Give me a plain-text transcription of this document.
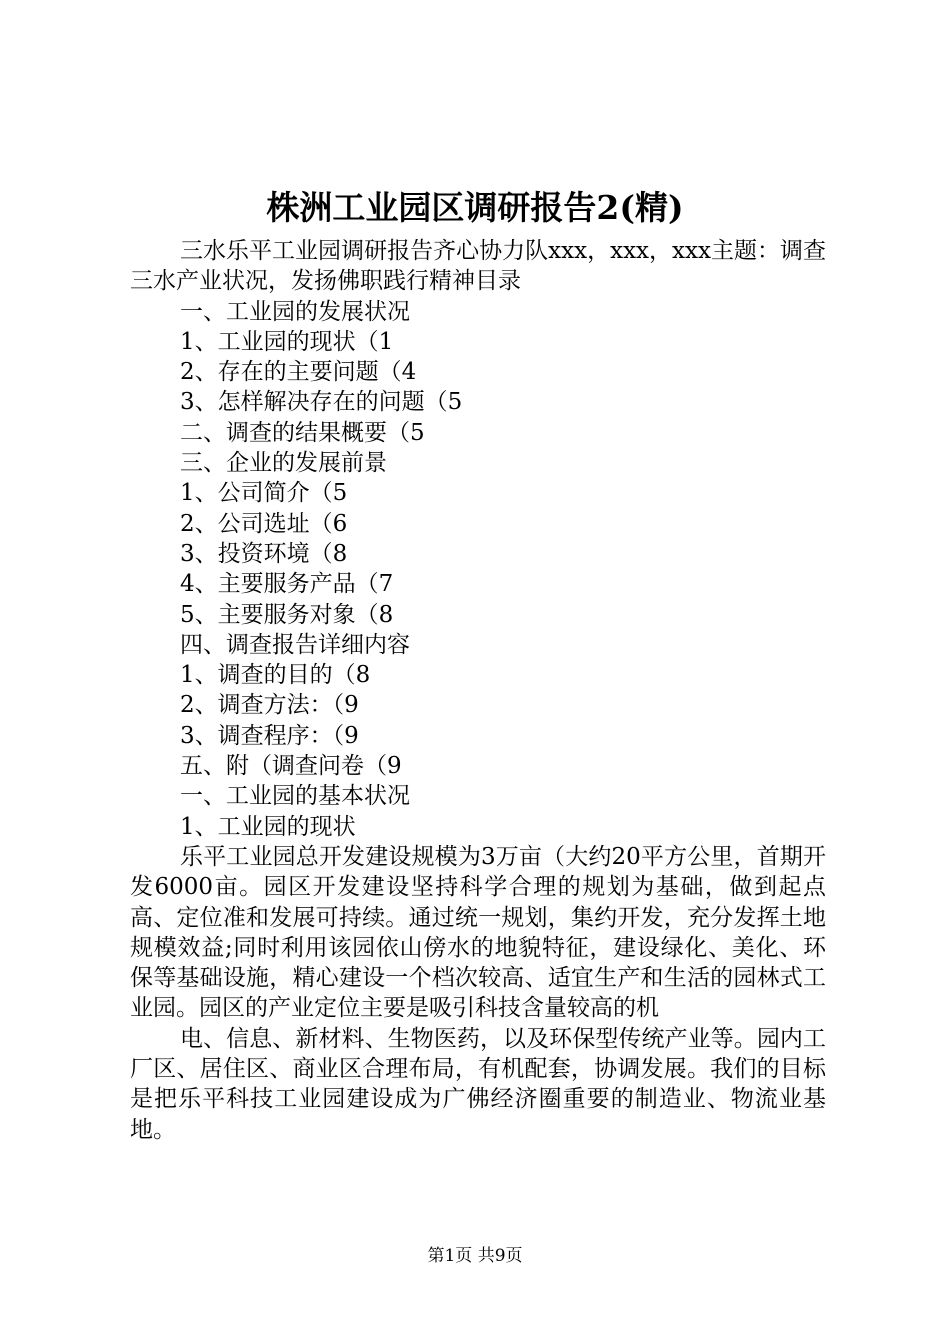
株洲工业园区调研报告2(精)

三水乐平工业园调研报告齐心协力队xxx，xxx，xxx主题：调查三水产业状况，发扬佛职践行精神目录

一、工业园的发展状况

1、工业园的现状（1

2、存在的主要问题（4

3、怎样解决存在的问题（5

二、调查的结果概要（5

三、企业的发展前景

1、公司简介（5

2、公司选址（6

3、投资环境（8

4、主要服务产品（7

5、主要服务对象（8

四、调查报告详细内容

1、调查的目的（8

2、调查方法：（9

3、调查程序：（9

五、附（调查问卷（9

一、工业园的基本状况

1、工业园的现状

乐平工业园总开发建设规模为3万亩（大约20平方公里，首期开发6000亩。园区开发建设坚持科学合理的规划为基础，做到起点高、定位准和发展可持续。通过统一规划，集约开发，充分发挥土地规模效益;同时利用该园依山傍水的地貌特征，建设绿化、美化、环保等基础设施，精心建设一个档次较高、适宜生产和生活的园林式工业园。园区的产业定位主要是吸引科技含量较高的机

电、信息、新材料、生物医药，以及环保型传统产业等。园内工厂区、居住区、商业区合理布局，有机配套，协调发展。我们的目标是把乐平科技工业园建设成为广佛经济圈重要的制造业、物流业基地。

第1页 共9页
